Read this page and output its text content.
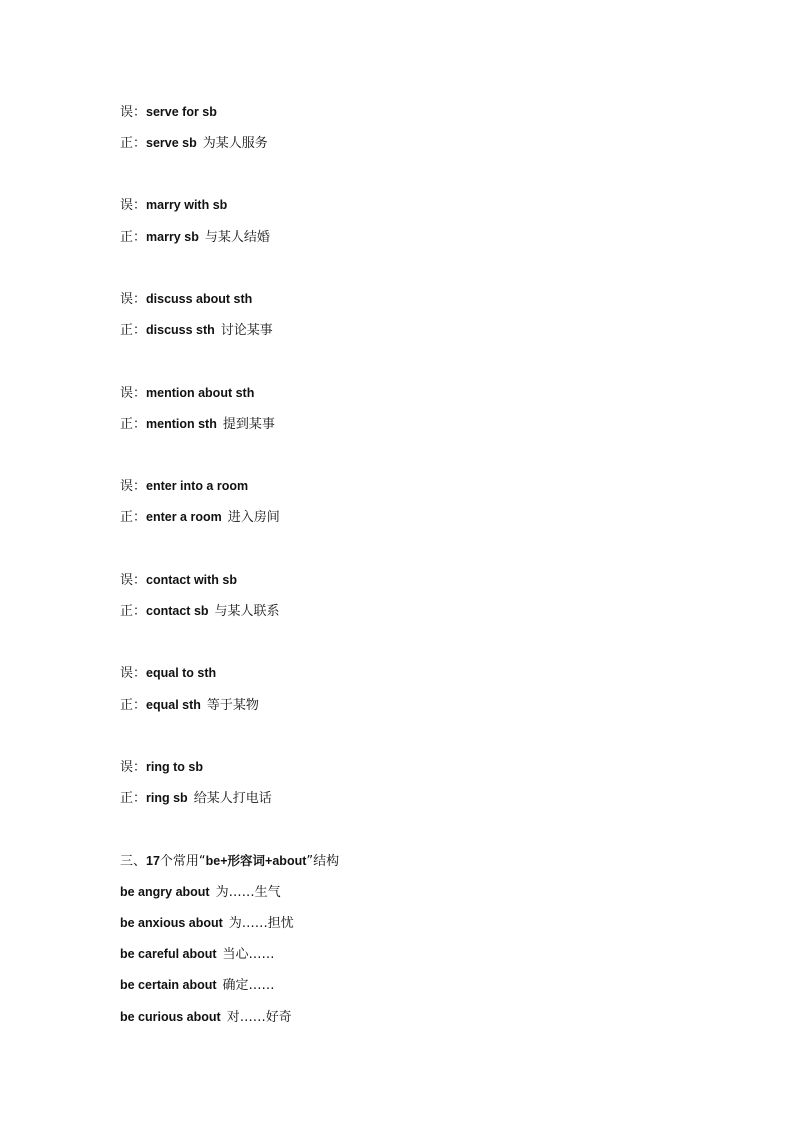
误：serve for sb
正：serve sb 为某人服务
误：marry with sb
正：marry sb 与某人结婚
误：discuss about sth
正：discuss sth 讨论某事
误：mention about sth
正：mention sth 提到某事
误：enter into a room
正：enter a room 进入房间
误：contact with sb
正：contact sb 与某人联系
误：equal to sth
正：equal sth 等于某物
误：ring to sb
正：ring sb 给某人打电话
三、17个常用“be+形容词+about”结构
be angry about 为……生气
be anxious about 为……担忧
be careful about 当心……
be certain about 确定……
be curious about 对……好奇
